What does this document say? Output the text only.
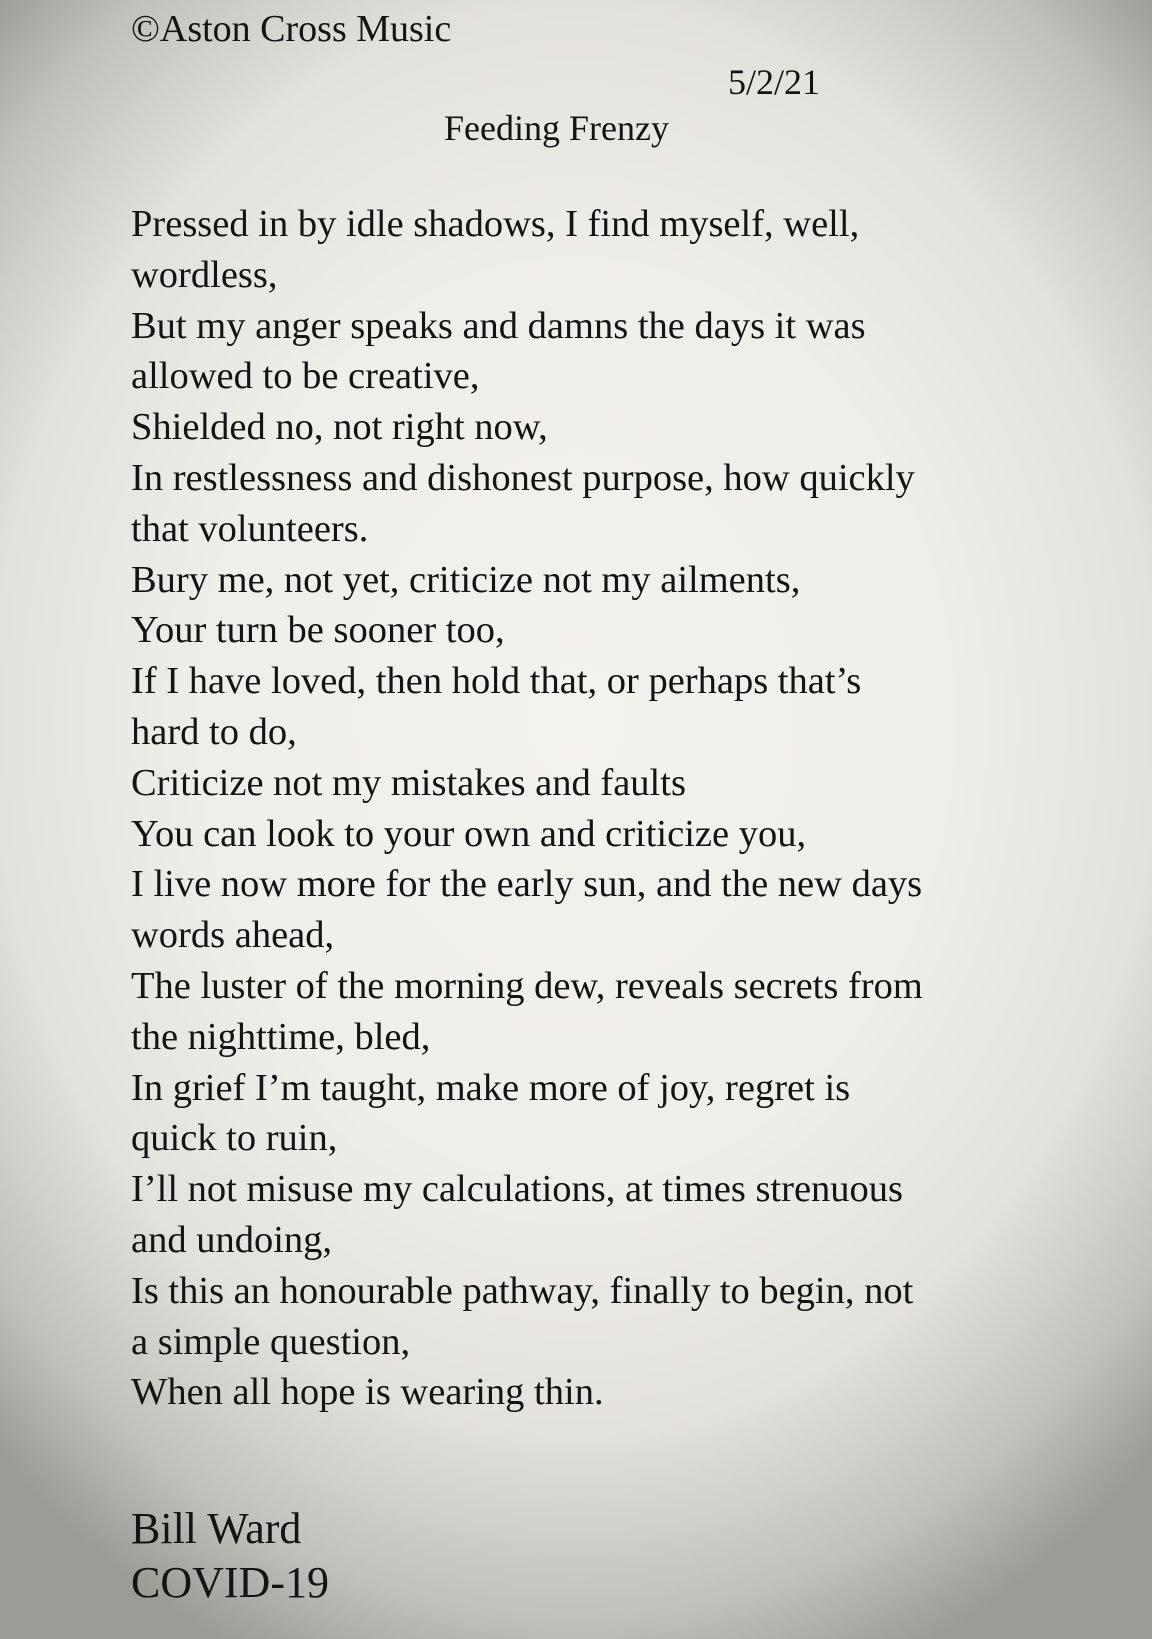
©Aston Cross Music
5/2/21
Feeding Frenzy
Pressed in by idle shadows, I find myself, well,
wordless,
But my anger speaks and damns the days it was
allowed to be creative,
Shielded no, not right now,
In restlessness and dishonest purpose, how quickly
that volunteers.
Bury me, not yet, criticize not my ailments,
Your turn be sooner too,
If I have loved, then hold that, or perhaps that’s
hard to do,
Criticize not my mistakes and faults
You can look to your own and criticize you,
I live now more for the early sun, and the new days
words ahead,
The luster of the morning dew, reveals secrets from
the nighttime, bled,
In grief I’m taught, make more of joy, regret is
quick to ruin,
I’ll not misuse my calculations, at times strenuous
and undoing,
Is this an honourable pathway, finally to begin, not
a simple question,
When all hope is wearing thin.
Bill Ward
COVID-19
